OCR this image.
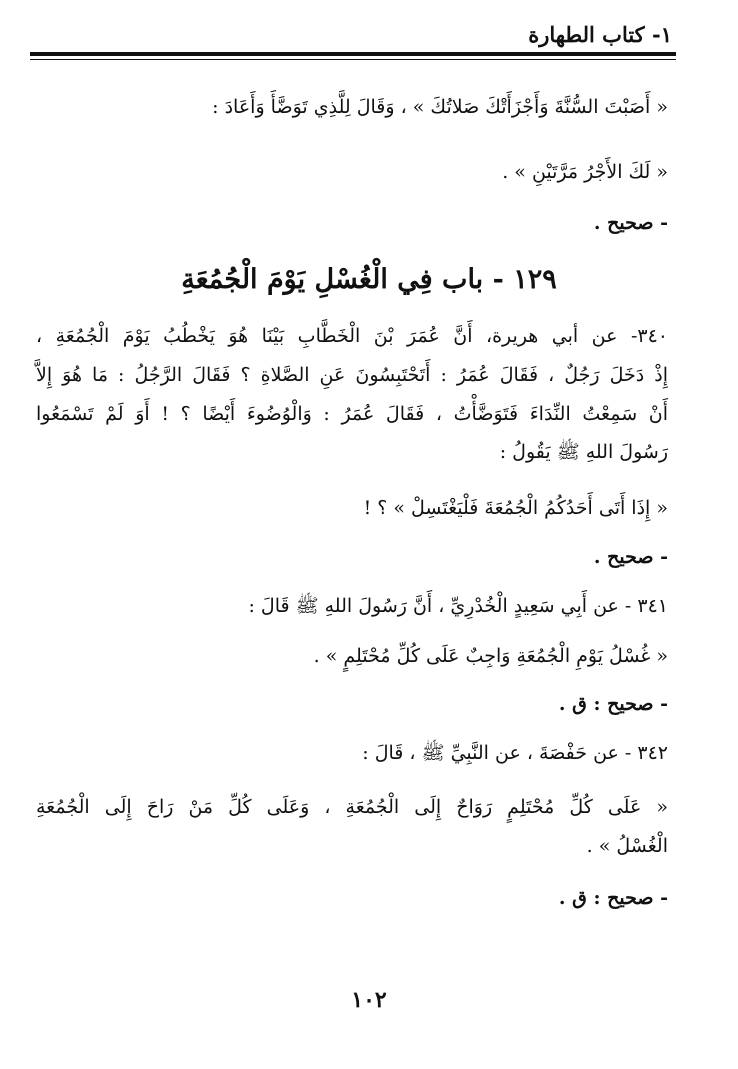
١- كتاب الطهارة
« أَصَبْتَ السُّنَّةَ وَأَجْزَأَتْكَ صَلاتُكَ » ، وَقَالَ لِلَّذِي تَوَضَّأَ وَأَعَادَ :
« لَكَ الأَجْرُ مَرَّتَيْنِ » .
- صحيح .
١٢٩ - باب فِي الْغُسْلِ يَوْمَ الْجُمُعَةِ
٣٤٠- عن أبي هريرة، أَنَّ عُمَرَ بْنَ الْخَطَّابِ بَيْنَا هُوَ يَخْطُبُ يَوْمَ الْجُمُعَةِ ،
إِذْ دَخَلَ رَجُلٌ ، فَقَالَ عُمَرُ : أَتَحْتَبِسُونَ عَنِ الصَّلاةِ ؟ فَقَالَ الرَّجُلُ : مَا هُوَ إِلاَّ
أَنْ سَمِعْتُ النِّدَاءَ فَتَوَضَّأْتُ ، فَقَالَ عُمَرُ : وَالْوُضُوءَ أَيْضًا ؟ ! أَوَ لَمْ تَسْمَعُوا
رَسُولَ اللهِ ﷺ يَقُولُ :
« إِذَا أَتَى أَحَدُكُمُ الْجُمُعَةَ فَلْيَغْتَسِلْ » ؟ !
- صحيح .
٣٤١ - عن أَبِي سَعِيدٍ الْخُدْرِيِّ ، أَنَّ رَسُولَ اللهِ ﷺ قَالَ :
« غُسْلُ يَوْمِ الْجُمُعَةِ وَاجِبٌ عَلَى كُلِّ مُحْتَلِمٍ » .
- صحيح : ق .
٣٤٢ - عن حَفْصَةَ ، عن النَّبِيِّ ﷺ ، قَالَ :
« عَلَى كُلِّ مُحْتَلِمٍ رَوَاحٌ إِلَى الْجُمُعَةِ ، وَعَلَى كُلِّ مَنْ رَاحَ إِلَى الْجُمُعَةِ
الْغُسْلُ » .
- صحيح : ق .
١٠٢
